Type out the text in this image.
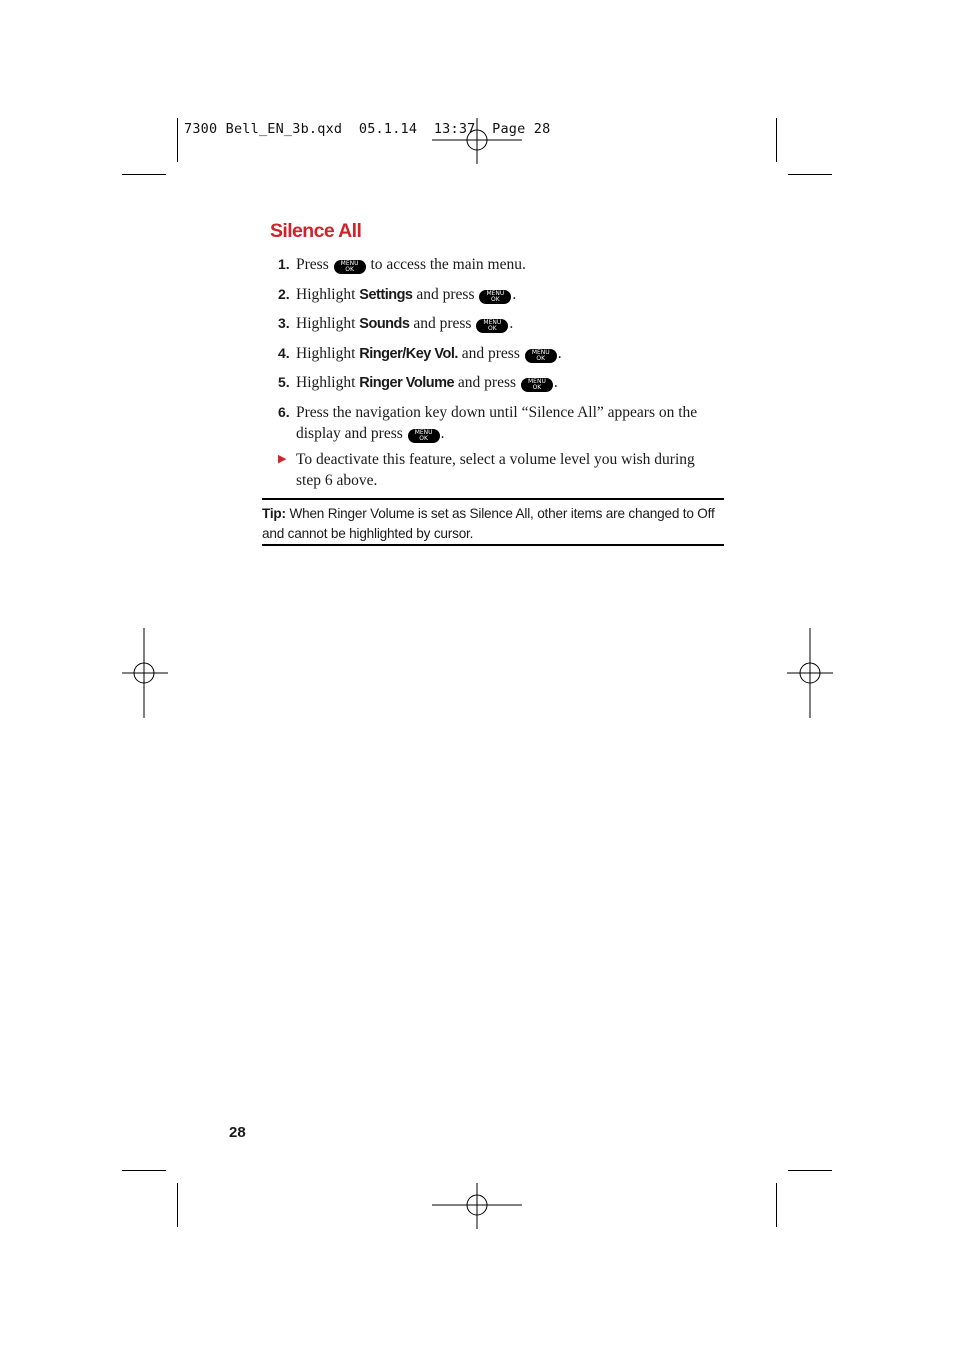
7300 Bell_EN_3b.qxd  05.1.14  13:37  Page 28
Silence All
1. Press	MENU
OK to access the main menu.
2. Highlight Settings and press	MENU
OK .
3. Highlight Sounds and press	MENU
OK .
4. Highlight Ringer/Key Vol. and press	MENU
OK .
5. Highlight Ringer Volume and press	MENU
OK .
6. Press the navigation key down until “Silence All” appears on the display and press	MENU
OK .
▶ To deactivate this feature, select a volume level you wish during step 6 above.
Tip: When Ringer Volume is set as Silence All, other items are changed to Off and cannot be highlighted by cursor.
28
